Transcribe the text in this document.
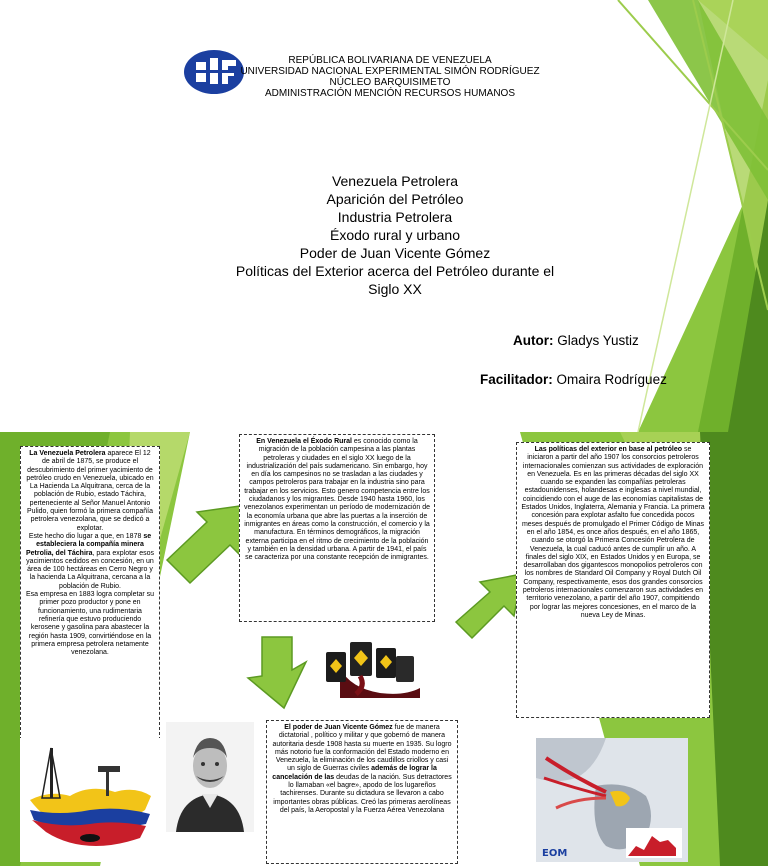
REPÚBLICA BOLIVARIANA DE VENEZUELA
UNIVERSIDAD NACIONAL EXPERIMENTAL SIMÓN RODRÍGUEZ
NÚCLEO BARQUISIMETO
ADMINISTRACIÓN MENCIÓN RECURSOS HUMANOS
Venezuela Petrolera
Aparición del Petróleo
Industria Petrolera
Éxodo rural y urbano
Poder de Juan Vicente Gómez
Políticas del Exterior acerca del Petróleo durante el
Siglo XX
Autor: Gladys Yustiz
Facilitador: Omaira Rodríguez
La Venezuela Petrolera aparece El 12 de abril de 1875, se produce el descubrimiento del primer yacimiento de petróleo crudo en Venezuela, ubicado en La Hacienda La Alquitrana, cerca de la población de Rubio, estado Táchira, perteneciente al Señor Manuel Antonio Pulido, quien formó la primera compañía petrolera venezolana, que se dedicó a explotar.
Este hecho dio lugar a que, en 1878 se estableciera la compañía minera Petrolia, del Táchira, para explotar esos yacimientos cedidos en concesión, en un área de 100 hectáreas en Cerro Negro y la hacienda La Alquitrana, cercana a la población de Rubio.
Esa empresa en 1883 logra completar su primer pozo productor y pone en funcionamiento, una rudimentaria refinería que estuvo produciendo kerosene y gasolina para abastecer la región hasta 1909, convirtiéndose en la primera empresa petrolera netamente venezolana.
En Venezuela el Éxodo Rural es conocido como la migración de la población campesina a las plantas petroleras y ciudades en el siglo XX luego de la industrialización del país sudamericano. Sin embargo, hoy en día los campesinos no se trasladan a las ciudades y campos petroleros para trabajar en la industria sino para trabajar en los servicios. Esto genero competencia entre los ciudadanos y los migrantes. Desde 1940 hasta 1960, los venezolanos experimentan un período de modernización de la economía urbana que abre las puertas a la inserción de inmigrantes en áreas como la construcción, el comercio y la manufactura. En términos demográficos, la migración externa participa en el ritmo de crecimiento de la población y también en la densidad urbana. A partir de 1941, el país se caracteriza por una constante recepción de inmigrantes.
Las políticas del exterior en base al petróleo se iniciaron a partir del año 1907 los consorcios petroleros internacionales comienzan sus actividades de exploración en Venezuela. Es en las primeras décadas del siglo XX cuando se expanden las compañías petroleras estadounidenses, holandesas e inglesas a nivel mundial, coincidiendo con el auge de las economías capitalistas de Estados Unidos, Inglaterra, Alemania y Francia. La primera concesión para explotar asfalto fue concedida pocos meses después de promulgado el Primer Código de Minas en el año 1854, es once años después, en el año 1865, cuando se otorgó la Primera Concesión Petrolera de Venezuela, la cual caducó antes de cumplir un año. A finales del siglo XIX, en Estados Unidos y en Europa, se desarrollaban dos gigantescos monopolios petroleros con los nombres de Standard Oil Company y Royal Dutch Oil Company, respectivamente, esos dos grandes consorcios petroleros internacionales comenzaron sus actividades en territorio venezolano, a partir del año 1907, compitiendo por lograr las mejores concesiones, en el marco de la nueva Ley de Minas.
El poder de Juan Vicente Gómez fue de manera dictatorial , político y militar y que gobernó de manera autoritaria desde 1908 hasta su muerte en 1935. Su logro más notorio fue la conformación del Estado moderno en Venezuela, la eliminación de los caudillos criollos y casi un siglo de Guerras civiles además de lograr la cancelación de las deudas de la nación. Sus detractores lo llamaban «el bagre», apodo de los lugareños tachirenses. Durante su dictadura se llevaron a cabo importantes obras públicas. Creó las primeras aerolíneas del país, la Aeropostal y la Fuerza Aérea Venezolana
EOM
